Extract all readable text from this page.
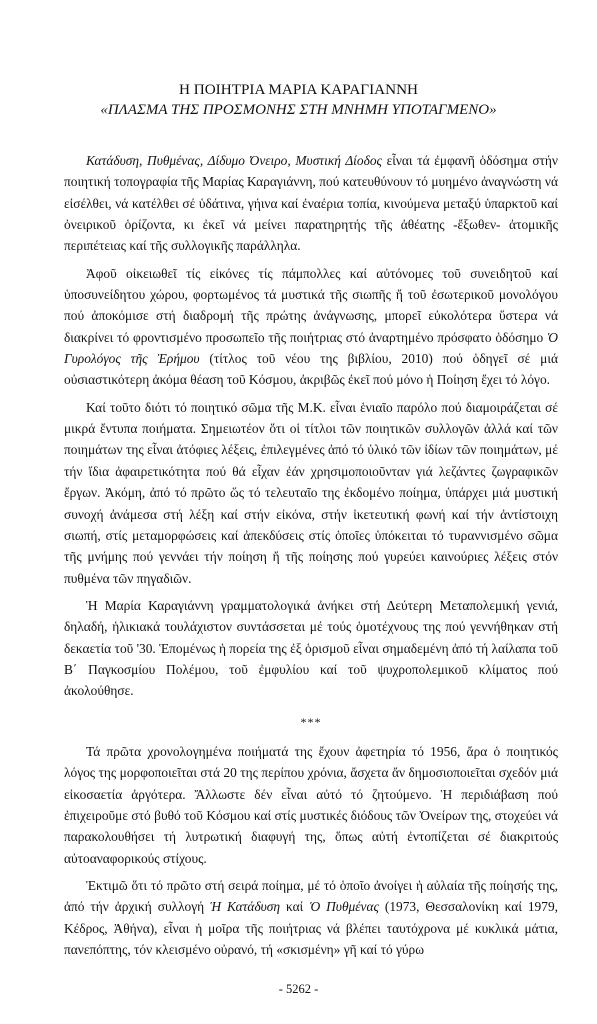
Η ΠΟΙΗΤΡΙΑ ΜΑΡΙΑ ΚΑΡΑΓΙΑΝΝΗ
«ΠΛΑΣΜΑ ΤΗΣ ΠΡΟΣΜΟΝΗΣ ΣΤΗ ΜΝΗΜΗ ΥΠΟΤΑΓΜΕΝΟ»

Κατάδυση, Πυθμένας, Δίδυμο Όνειρο, Μυστική Δίοδος εἶναι τά ἐμφανῆ ὁδόσημα στήν ποιητική τοπογραφία τῆς Μαρίας Καραγιάννη, πού κατευθύνουν τό μυημένο ἀναγνώστη νά εἰσέλθει, νά κατέλθει σέ ὑδάτινα, γήινα καί ἐναέρια τοπία, κινούμενα μεταξύ ὑπαρκτοῦ καί ὀνειρικοῦ ὁρίζοντα, κι ἐκεῖ νά μείνει παρατηρητής τῆς ἀθέατης -ἔξωθεν- ἀτομικῆς περιπέτειας καί τῆς συλλογικῆς παράλληλα.

Ἀφοῦ οἰκειωθεῖ τίς εἰκόνες τίς πάμπολλες καί αὐτόνομες τοῦ συνειδητοῦ καί ὑποσυνείδητου χώρου, φορτωμένος τά μυστικά τῆς σιωπῆς ἤ τοῦ ἐσωτερικοῦ μονολόγου πού ἀποκόμισε στή διαδρομή τῆς πρώτης ἀνάγνωσης, μπορεῖ εὐκολότερα ὕστερα νά διακρίνει τό φροντισμένο προσωπεῖο τῆς ποιήτριας στό ἀναρτημένο πρόσφατο ὁδόσημο Ὁ Γυρολόγος τῆς Ἐρήμου (τίτλος τοῦ νέου της βιβλίου, 2010) πού ὁδηγεῖ σέ μιά οὐσιαστικότερη ἀκόμα θέαση τοῦ Κόσμου, ἀκριβῶς ἐκεῖ πού μόνο ἡ Ποίηση ἔχει τό λόγο.

Καί τοῦτο διότι τό ποιητικό σῶμα τῆς Μ.Κ. εἶναι ἑνιαῖο παρόλο πού διαμοιράζεται σέ μικρά ἔντυπα ποιήματα. Σημειωτέον ὅτι οἱ τίτλοι τῶν ποιητικῶν συλλογῶν ἀλλά καί τῶν ποιημάτων της εἶναι ἀτόφιες λέξεις, ἐπιλεγμένες ἀπό τό ὑλικό τῶν ἰδίων τῶν ποιημάτων, μέ τήν ἴδια ἀφαιρετικότητα πού θά εἶχαν ἐάν χρησιμοποιοῦνταν γιά λεζάντες ζωγραφικῶν ἔργων. Ἀκόμη, ἀπό τό πρῶτο ὥς τό τελευταῖο της ἐκδομένο ποίημα, ὑπάρχει μιά μυστική συνοχή ἀνάμεσα στή λέξη καί στήν εἰκόνα, στήν ἱκετευτική φωνή καί τήν ἀντίστοιχη σιωπή, στίς μεταμορφώσεις καί ἀπεκδύσεις στίς ὁποῖες ὑπόκειται τό τυραννισμένο σῶμα τῆς μνήμης πού γεννάει τήν ποίηση ἤ τῆς ποίησης πού γυρεύει καινούριες λέξεις στόν πυθμένα τῶν πηγαδιῶν.

Ἡ Μαρία Καραγιάννη γραμματολογικά ἀνήκει στή Δεύτερη Μεταπολεμική γενιά, δηλαδή, ἡλικιακά τουλάχιστον συντάσσεται μέ τούς ὁμοτέχνους της πού γεννήθηκαν στή δεκαετία τοῦ '30. Ἑπομένως ἡ πορεία της ἐξ ὁρισμοῦ εἶναι σημαδεμένη ἀπό τή λαίλαπα τοῦ Β΄ Παγκοσμίου Πολέμου, τοῦ ἐμφυλίου καί τοῦ ψυχροπολεμικοῦ κλίματος πού ἀκολούθησε.

***

Τά πρῶτα χρονολογημένα ποιήματά της ἔχουν ἀφετηρία τό 1956, ἄρα ὁ ποιητικός λόγος της μορφοποιεῖται στά 20 της περίπου χρόνια, ἄσχετα ἄν δημοσιοποιεῖται σχεδόν μιά εἰκοσαετία ἀργότερα. Ἄλλωστε δέν εἶναι αὐτό τό ζητούμενο. Ἡ περιδιάβαση πού ἐπιχειροῦμε στό βυθό τοῦ Κόσμου καί στίς μυστικές διόδους τῶν Ὀνείρων της, στοχεύει νά παρακολουθήσει τή λυτρωτική διαφυγή της, ὅπως αὐτή ἐντοπίζεται σέ διακριτούς αὐτοαναφορικούς στίχους.

Ἐκτιμῶ ὅτι τό πρῶτο στή σειρά ποίημα, μέ τό ὁποῖο ἀνοίγει ἡ αὐλαία τῆς ποίησής της, ἀπό τήν ἀρχική συλλογή Ἡ Κατάδυση καί Ὁ Πυθμένας (1973, Θεσσαλονίκη καί 1979, Κέδρος, Ἀθήνα), εἶναι ἡ μοῖρα τῆς ποιήτριας νά βλέπει ταυτόχρονα μέ κυκλικά μάτια, πανεπόπτης, τόν κλεισμένο οὐρανό, τή «σκισμένη» γῆ καί τό γύρω

- 5262 -
